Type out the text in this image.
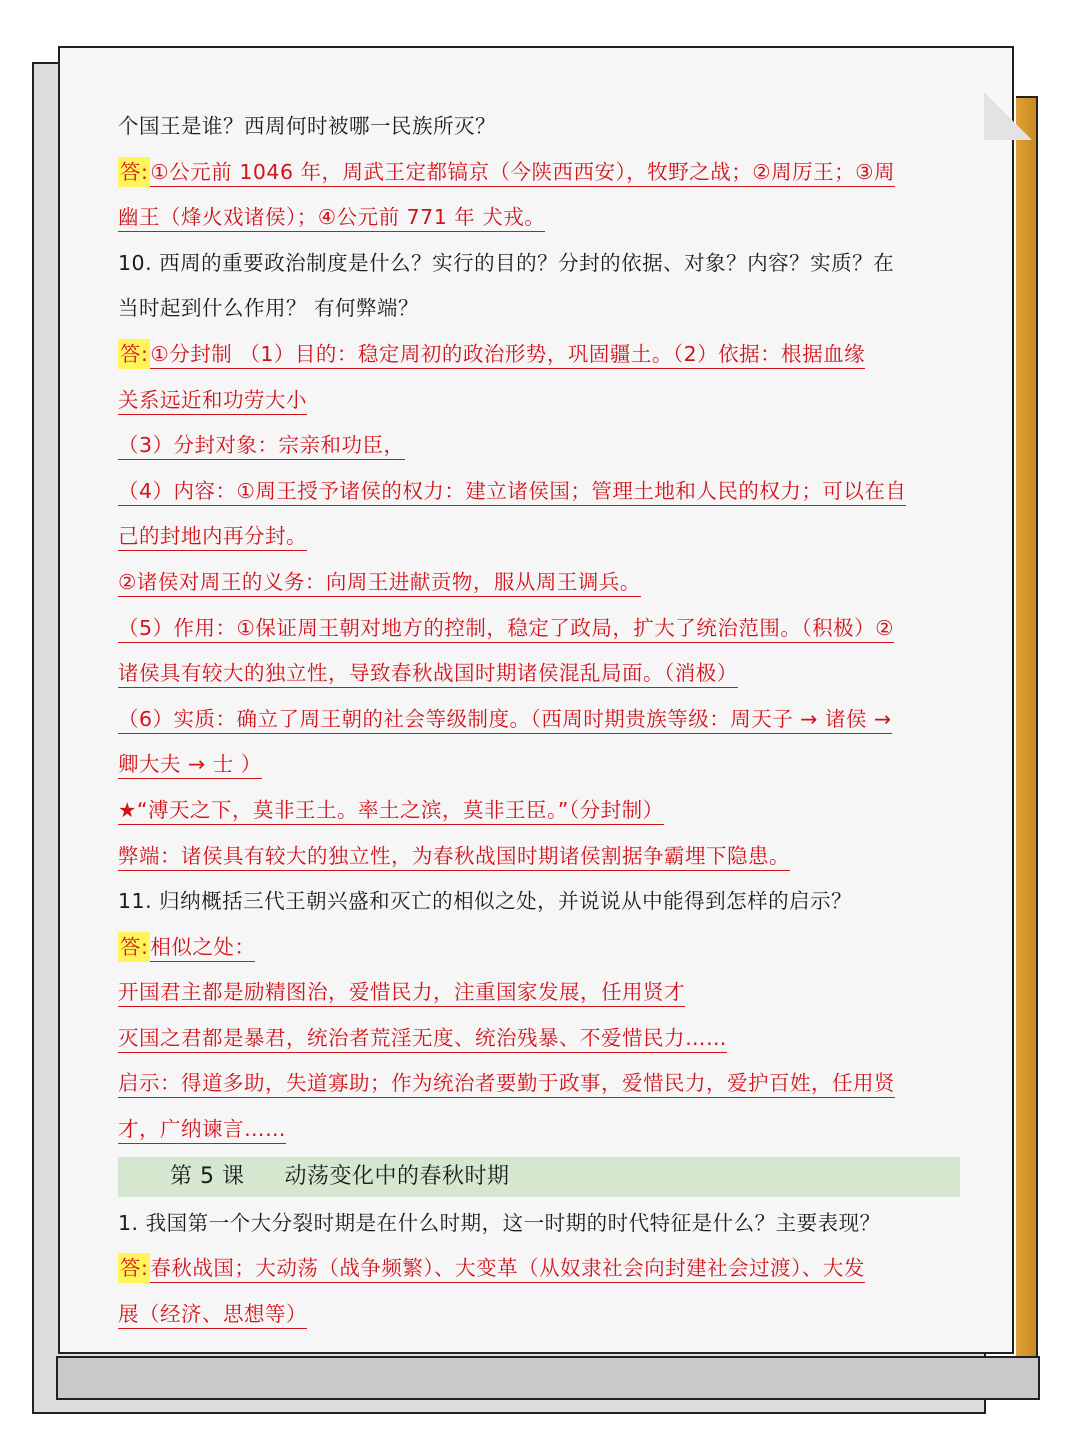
个国王是谁？西周何时被哪一民族所灭？
答:①公元前 1046 年，周武王定都镐京（今陕西西安），牧野之战；②周厉王；③周
幽王（烽火戏诸侯）；④公元前 771 年 犬戎。
10. 西周的重要政治制度是什么？实行的目的？分封的依据、对象？内容？实质？在
当时起到什么作用？ 有何弊端？
答:①分封制 （1）目的：稳定周初的政治形势，巩固疆土。（2）依据：根据血缘
关系远近和功劳大小
（3）分封对象：宗亲和功臣，
（4）内容：①周王授予诸侯的权力：建立诸侯国；管理土地和人民的权力；可以在自
己的封地内再分封。
②诸侯对周王的义务：向周王进献贡物，服从周王调兵。
（5）作用：①保证周王朝对地方的控制，稳定了政局，扩大了统治范围。（积极）②
诸侯具有较大的独立性，导致春秋战国时期诸侯混乱局面。（消极）
（6）实质：确立了周王朝的社会等级制度。（西周时期贵族等级：周天子 → 诸侯 →
卿大夫 → 士 ）
★“溥天之下，莫非王土。率土之滨，莫非王臣。”（分封制）
弊端：诸侯具有较大的独立性，为春秋战国时期诸侯割据争霸埋下隐患。
11. 归纳概括三代王朝兴盛和灭亡的相似之处，并说说从中能得到怎样的启示？
答:相似之处：
开国君主都是励精图治，爱惜民力，注重国家发展，任用贤才
灭国之君都是暴君，统治者荒淫无度、统治残暴、不爱惜民力……
启示：得道多助，失道寡助；作为统治者要勤于政事，爱惜民力，爱护百姓，任用贤
才，广纳谏言……
第 5 课 动荡变化中的春秋时期
1. 我国第一个大分裂时期是在什么时期，这一时期的时代特征是什么？主要表现？
答:春秋战国；大动荡（战争频繁）、大变革（从奴隶社会向封建社会过渡）、大发
展（经济、思想等）
